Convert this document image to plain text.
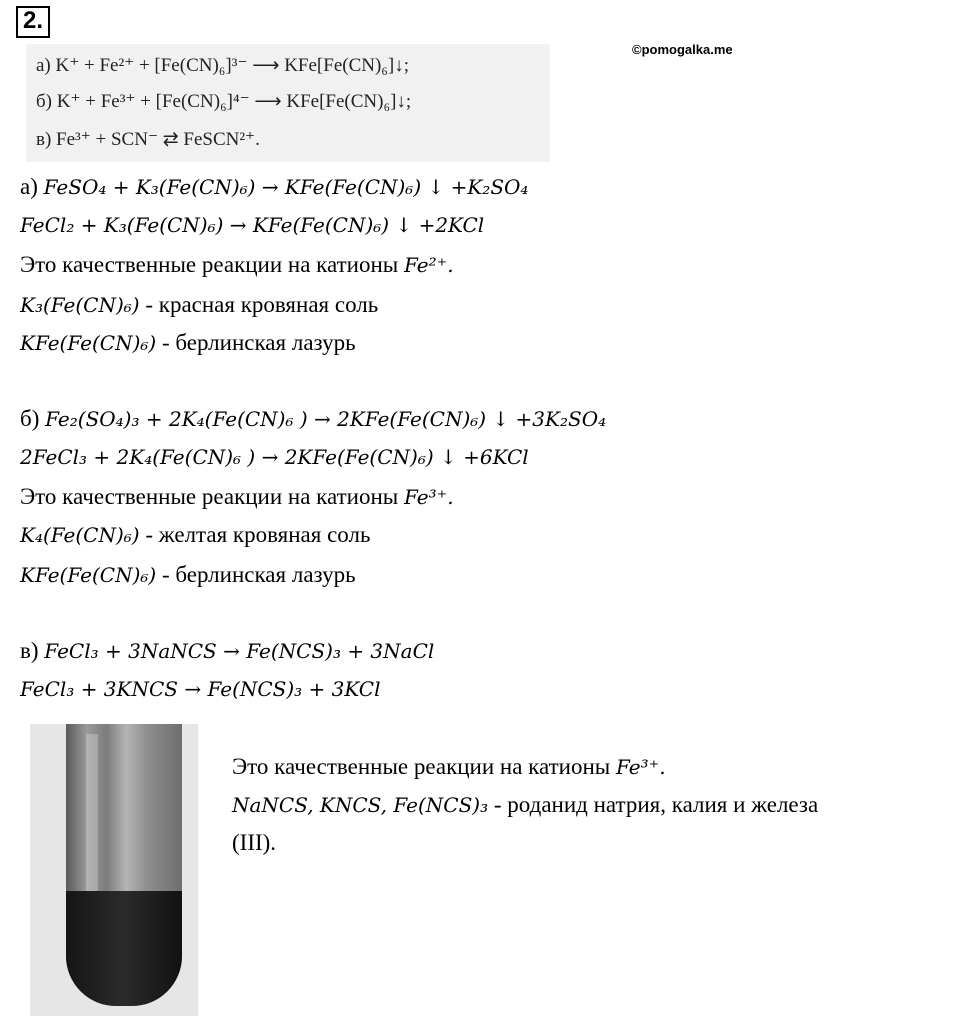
2.
©pomogalka.me
а) K⁺ + Fe²⁺ + [Fe(CN)₆]³⁻ ⟶ KFe[Fe(CN)₆]↓;
б) K⁺ + Fe³⁺ + [Fe(CN)₆]⁴⁻ ⟶ KFe[Fe(CN)₆]↓;
в) Fe³⁺ + SCN⁻ ⇄ FeSCN²⁺.
а) FeSO₄ + K₃(Fe(CN)₆) → KFe(Fe(CN)₆) ↓ +K₂SO₄
FeCl₂ + K₃(Fe(CN)₆) → KFe(Fe(CN)₆) ↓ +2KCl
Это качественные реакции на катионы Fe²⁺.
K₃(Fe(CN)₆) - красная кровяная соль
KFe(Fe(CN)₆) - берлинская лазурь
б) Fe₂(SO₄)₃ + 2K₄(Fe(CN)₆ ) → 2KFe(Fe(CN)₆) ↓ +3K₂SO₄
2FeCl₃ + 2K₄(Fe(CN)₆ ) → 2KFe(Fe(CN)₆) ↓ +6KCl
Это качественные реакции на катионы Fe³⁺.
K₄(Fe(CN)₆) - желтая кровяная соль
KFe(Fe(CN)₆) - берлинская лазурь
в) FeCl₃ + 3NaNCS → Fe(NCS)₃ + 3NaCl
FeCl₃ + 3KNCS → Fe(NCS)₃ + 3KCl
Это качественные реакции на катионы Fe³⁺.
NaNCS, KNCS, Fe(NCS)₃ - роданид натрия, калия и железа
(III).
